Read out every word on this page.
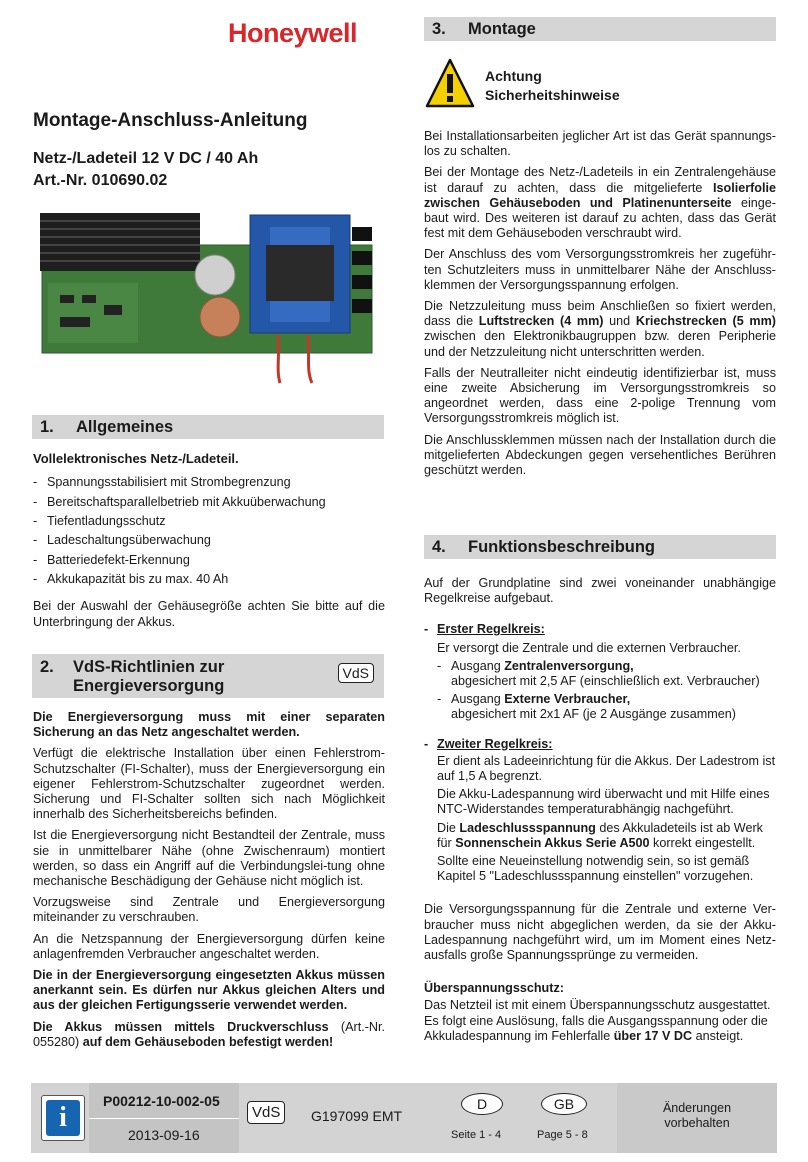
Honeywell
Montage-Anschluss-Anleitung
Netz-/Ladeteil 12 V DC / 40 Ah
Art.-Nr. 010690.02
1.	Allgemeines

Vollelektronisches Netz-/Ladeteil.

- Spannungsstabilisiert mit Strombegrenzung
- Bereitschaftsparallelbetrieb mit Akkuüberwachung
- Tiefentladungsschutz
- Ladeschaltungsüberwachung
- Batteriedefekt-Erkennung
- Akkukapazität bis zu max. 40 Ah

Bei der Auswahl der Gehäusegröße achten Sie bitte auf die Unterbringung der Akkus.

2. VdS-Richtlinien zur
Energieversorgung
VdS

Die Energieversorgung muss mit einer separaten Sicherung an das Netz angeschaltet werden.

Verfügt die elektrische Installation über einen Fehlerstrom-Schutzschalter (FI-Schalter), muss der Energieversorgung ein eigener Fehlerstrom-Schutzschalter zugeordnet werden. Sicherung und FI-Schalter sollten sich nach Möglichkeit innerhalb des Sicherheitsbereichs befinden.

Ist die Energieversorgung nicht Bestandteil der Zentrale, muss sie in unmittelbarer Nähe (ohne Zwischenraum) montiert werden, so dass ein Angriff auf die Verbindungslei-tung ohne mechanische Beschädigung der Gehäuse nicht möglich ist.

Vorzugsweise sind Zentrale und Energieversorgung miteinander zu verschrauben.

An die Netzspannung der Energieversorgung dürfen keine anlagenfremden Verbraucher angeschaltet werden.

Die in der Energieversorgung eingesetzten Akkus müssen anerkannt sein. Es dürfen nur Akkus gleichen Alters und aus der gleichen Fertigungsserie verwendet werden.

Die Akkus müssen mittels Druckverschluss (Art.-Nr. 055280) auf dem Gehäuseboden befestigt werden!

3.	Montage
Achtung
Sicherheitshinweise

Bei Installationsarbeiten jeglicher Art ist das Gerät spannungs-los zu schalten.

Bei der Montage des Netz-/Ladeteils in ein Zentralengehäuse ist darauf zu achten, dass die mitgelieferte Isolierfolie zwischen Gehäuseboden und Platinenunterseite einge-baut wird. Des weiteren ist darauf zu achten, dass das Gerät fest mit dem Gehäuseboden verschraubt wird.

Der Anschluss des vom Versorgungsstromkreis her zugeführ-ten Schutzleiters muss in unmittelbarer Nähe der Anschluss-klemmen der Versorgungsspannung erfolgen.

Die Netzzuleitung muss beim Anschließen so fixiert werden, dass die Luftstrecken (4 mm) und Kriechstrecken (5 mm) zwischen den Elektronikbaugruppen bzw. deren Peripherie und der Netzzuleitung nicht unterschritten werden.

Falls der Neutralleiter nicht eindeutig identifizierbar ist, muss eine zweite Absicherung im Versorgungsstromkreis so angeordnet werden, dass eine 2-polige Trennung vom Versorgungsstromkreis möglich ist.

Die Anschlussklemmen müssen nach der Installation durch die mitgelieferten Abdeckungen gegen versehentliches Berühren geschützt werden.

4.	Funktionsbeschreibung

Auf der Grundplatine sind zwei voneinander unabhängige Regelkreise aufgebaut.

- Erster Regelkreis:
Er versorgt die Zentrale und die externen Verbraucher.
- Ausgang Zentralenversorgung,
abgesichert mit 2,5 AF (einschließlich ext. Verbraucher)
- Ausgang Externe Verbraucher,
abgesichert mit 2x1 AF (je 2 Ausgänge zusammen)
- Zweiter Regelkreis:

Er dient als Ladeeinrichtung für die Akkus. Der Ladestrom ist auf 1,5 A begrenzt.

Die Akku-Ladespannung wird überwacht und mit Hilfe eines NTC-Widerstandes temperaturabhängig nachgeführt.

Die Ladeschlussspannung des Akkuladeteils ist ab Werk für Sonnenschein Akkus Serie A500 korrekt eingestellt.

Sollte eine Neueinstellung notwendig sein, so ist gemäß Kapitel 5 "Ladeschlussspannung einstellen" vorzugehen.

Die Versorgungsspannung für die Zentrale und externe Ver-braucher muss nicht abgeglichen werden, da sie der Akku-Ladespannung nachgeführt wird, um im Moment eines Netz-ausfalls große Spannungssprünge zu vermeiden.

Überspannungsschutz:

Das Netzteil ist mit einem Überspannungsschutz ausgestattet. Es folgt eine Auslösung, falls die Ausgangsspannung oder die Akkuladespannung im Fehlerfalle über 17 V DC ansteigt.

i
P00212-10-002-05
2013-09-16
VdS	G197099 EMT
D	GB
Seite 1 - 4	Page 5 - 8
Änderungen
vorbehalten
